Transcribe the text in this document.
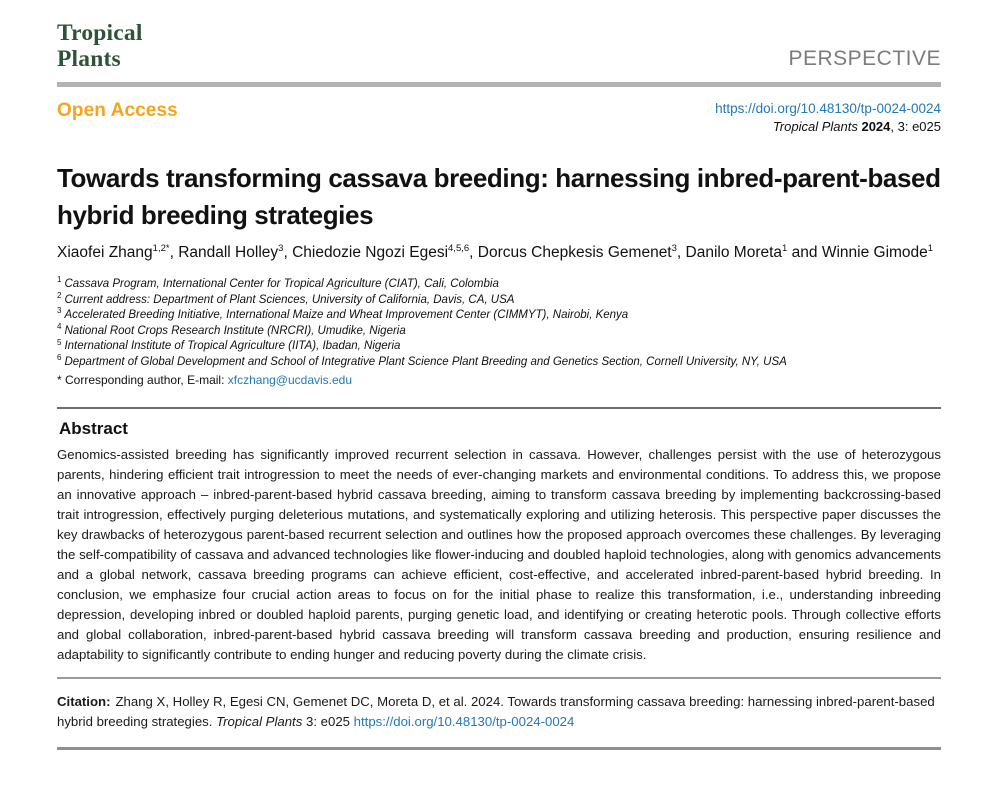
Tropical
Plants	PERSPECTIVE
Open Access	https://doi.org/10.48130/tp-0024-0024
Tropical Plants 2024, 3: e025
Towards transforming cassava breeding: harnessing inbred-parent-based hybrid breeding strategies

Xiaofei Zhang$^{1,2*}$, Randall Holley$^3$, Chiedozie Ngozi Egesi$^{4,5,6}$, Dorcus Chepkesis Gemenet$^3$, Danilo Moreta$^1$ and Winnie Gimode$^1$

$^1$ Cassava Program, International Center for Tropical Agriculture (CIAT), Cali, Colombia
$^2$ Current address: Department of Plant Sciences, University of California, Davis, CA, USA
$^3$ Accelerated Breeding Initiative, International Maize and Wheat Improvement Center (CIMMYT), Nairobi, Kenya
$^4$ National Root Crops Research Institute (NRCRI), Umudike, Nigeria
$^5$ International Institute of Tropical Agriculture (IITA), Ibadan, Nigeria
$^6$ Department of Global Development and School of Integrative Plant Science Plant Breeding and Genetics Section, Cornell University, NY, USA
* Corresponding author, E-mail: xfczhang@ucdavis.edu
Abstract

Genomics-assisted breeding has significantly improved recurrent selection in cassava. However, challenges persist with the use of heterozygous parents, hindering efficient trait introgression to meet the needs of ever-changing markets and environmental conditions. To address this, we propose an innovative approach – inbred-parent-based hybrid cassava breeding, aiming to transform cassava breeding by implementing backcrossing-based trait introgression, effectively purging deleterious mutations, and systematically exploring and utilizing heterosis. This perspective paper discusses the key drawbacks of heterozygous parent-based recurrent selection and outlines how the proposed approach overcomes these challenges. By leveraging the self-compatibility of cassava and advanced technologies like flower-inducing and doubled haploid technologies, along with genomics advancements and a global network, cassava breeding programs can achieve efficient, cost-effective, and accelerated inbred-parent-based hybrid breeding. In conclusion, we emphasize four crucial action areas to focus on for the initial phase to realize this transformation, i.e., understanding inbreeding depression, developing inbred or doubled haploid parents, purging genetic load, and identifying or creating heterotic pools. Through collective efforts and global collaboration, inbred-parent-based hybrid cassava breeding will transform cassava breeding and production, ensuring resilience and adaptability to significantly contribute to ending hunger and reducing poverty during the climate crisis.

Citation: Zhang X, Holley R, Egesi CN, Gemenet DC, Moreta D, et al. 2024. Towards transforming cassava breeding: harnessing inbred-parent-based hybrid breeding strategies. Tropical Plants 3: e025 https://doi.org/10.48130/tp-0024-0024
